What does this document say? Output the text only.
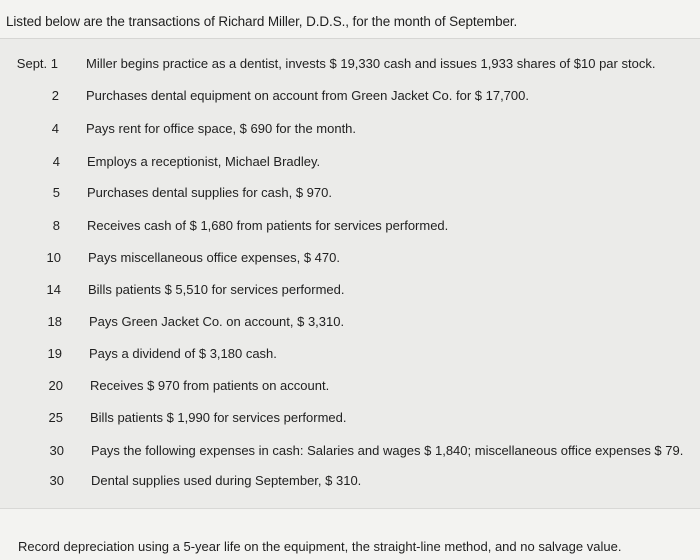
Listed below are the transactions of Richard Miller, D.D.S., for the month of September.
Sept. 1 Miller begins practice as a dentist, invests $ 19,330 cash and issues 1,933 shares of $10 par stock.
2 Purchases dental equipment on account from Green Jacket Co. for $ 17,700.
4 Pays rent for office space, $ 690 for the month.
4 Employs a receptionist, Michael Bradley.
5 Purchases dental supplies for cash, $ 970.
8 Receives cash of $ 1,680 from patients for services performed.
10 Pays miscellaneous office expenses, $ 470.
14 Bills patients $ 5,510 for services performed.
18 Pays Green Jacket Co. on account, $ 3,310.
19 Pays a dividend of $ 3,180 cash.
20 Receives $ 970 from patients on account.
25 Bills patients $ 1,990 for services performed.
30 Pays the following expenses in cash: Salaries and wages $ 1,840; miscellaneous office expenses $ 79.
30 Dental supplies used during September, $ 310.
Record depreciation using a 5-year life on the equipment, the straight-line method, and no salvage value.
